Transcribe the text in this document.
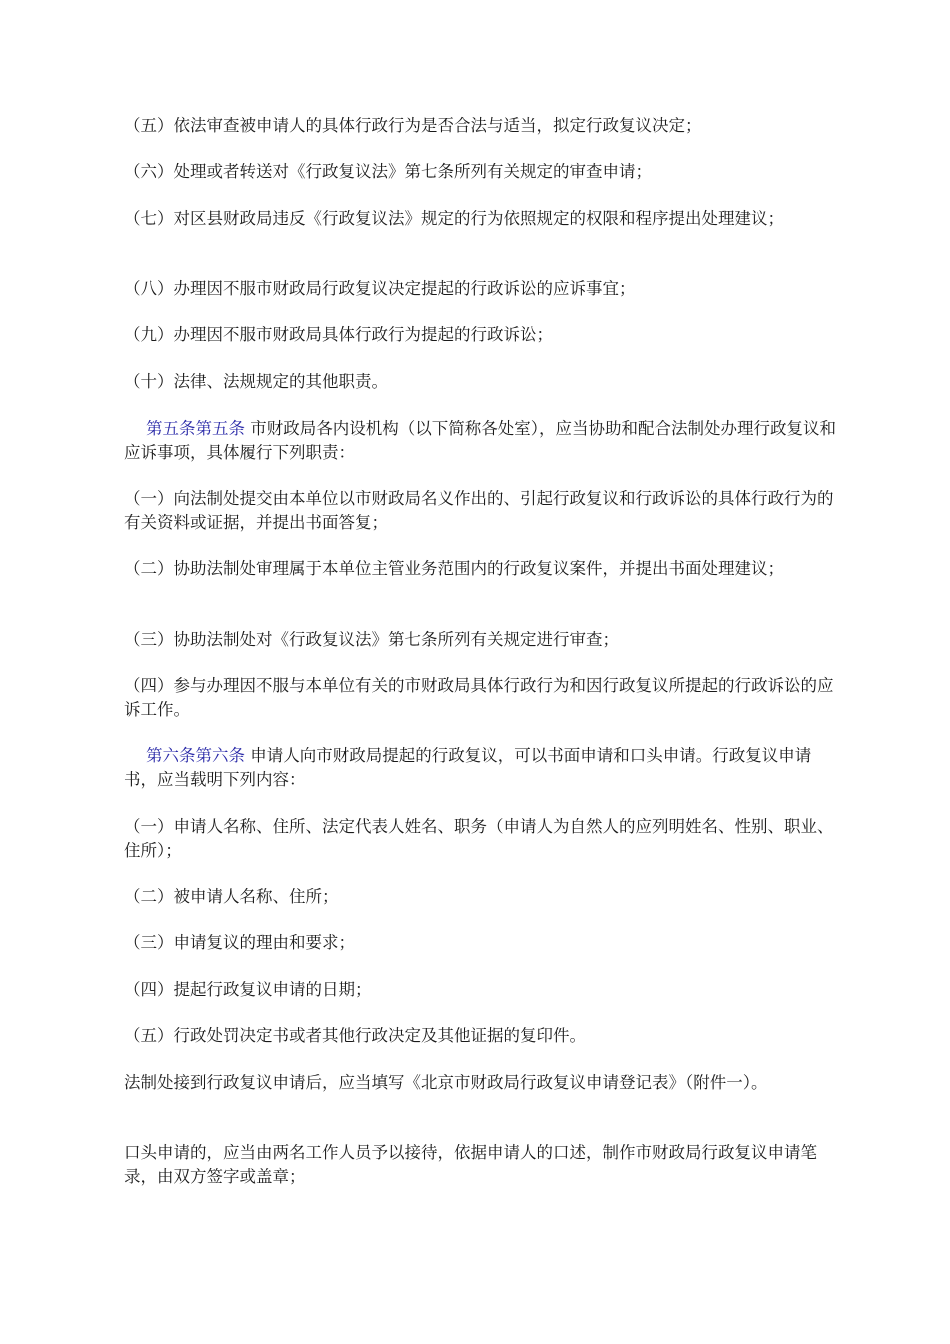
（五）依法审查被申请人的具体行政行为是否合法与适当，拟定行政复议决定；
（六）处理或者转送对《行政复议法》第七条所列有关规定的审查申请；
（七）对区县财政局违反《行政复议法》规定的行为依照规定的权限和程序提出处理建议；
（八）办理因不服市财政局行政复议决定提起的行政诉讼的应诉事宜；
（九）办理因不服市财政局具体行政行为提起的行政诉讼；
（十）法律、法规规定的其他职责。
第五条第五条 市财政局各内设机构（以下简称各处室），应当协助和配合法制处办理行政复议和应诉事项，具体履行下列职责：
（一）向法制处提交由本单位以市财政局名义作出的、引起行政复议和行政诉讼的具体行政行为的有关资料或证据，并提出书面答复；
（二）协助法制处审理属于本单位主管业务范围内的行政复议案件，并提出书面处理建议；
（三）协助法制处对《行政复议法》第七条所列有关规定进行审查；
（四）参与办理因不服与本单位有关的市财政局具体行政行为和因行政复议所提起的行政诉讼的应诉工作。
第六条第六条 申请人向市财政局提起的行政复议，可以书面申请和口头申请。行政复议申请书，应当载明下列内容：
（一）申请人名称、住所、法定代表人姓名、职务（申请人为自然人的应列明姓名、性别、职业、住所）；
（二）被申请人名称、住所；
（三）申请复议的理由和要求；
（四）提起行政复议申请的日期；
（五）行政处罚决定书或者其他行政决定及其他证据的复印件。
法制处接到行政复议申请后，应当填写《北京市财政局行政复议申请登记表》（附件一）。
口头申请的，应当由两名工作人员予以接待，依据申请人的口述，制作市财政局行政复议申请笔录，由双方签字或盖章；
